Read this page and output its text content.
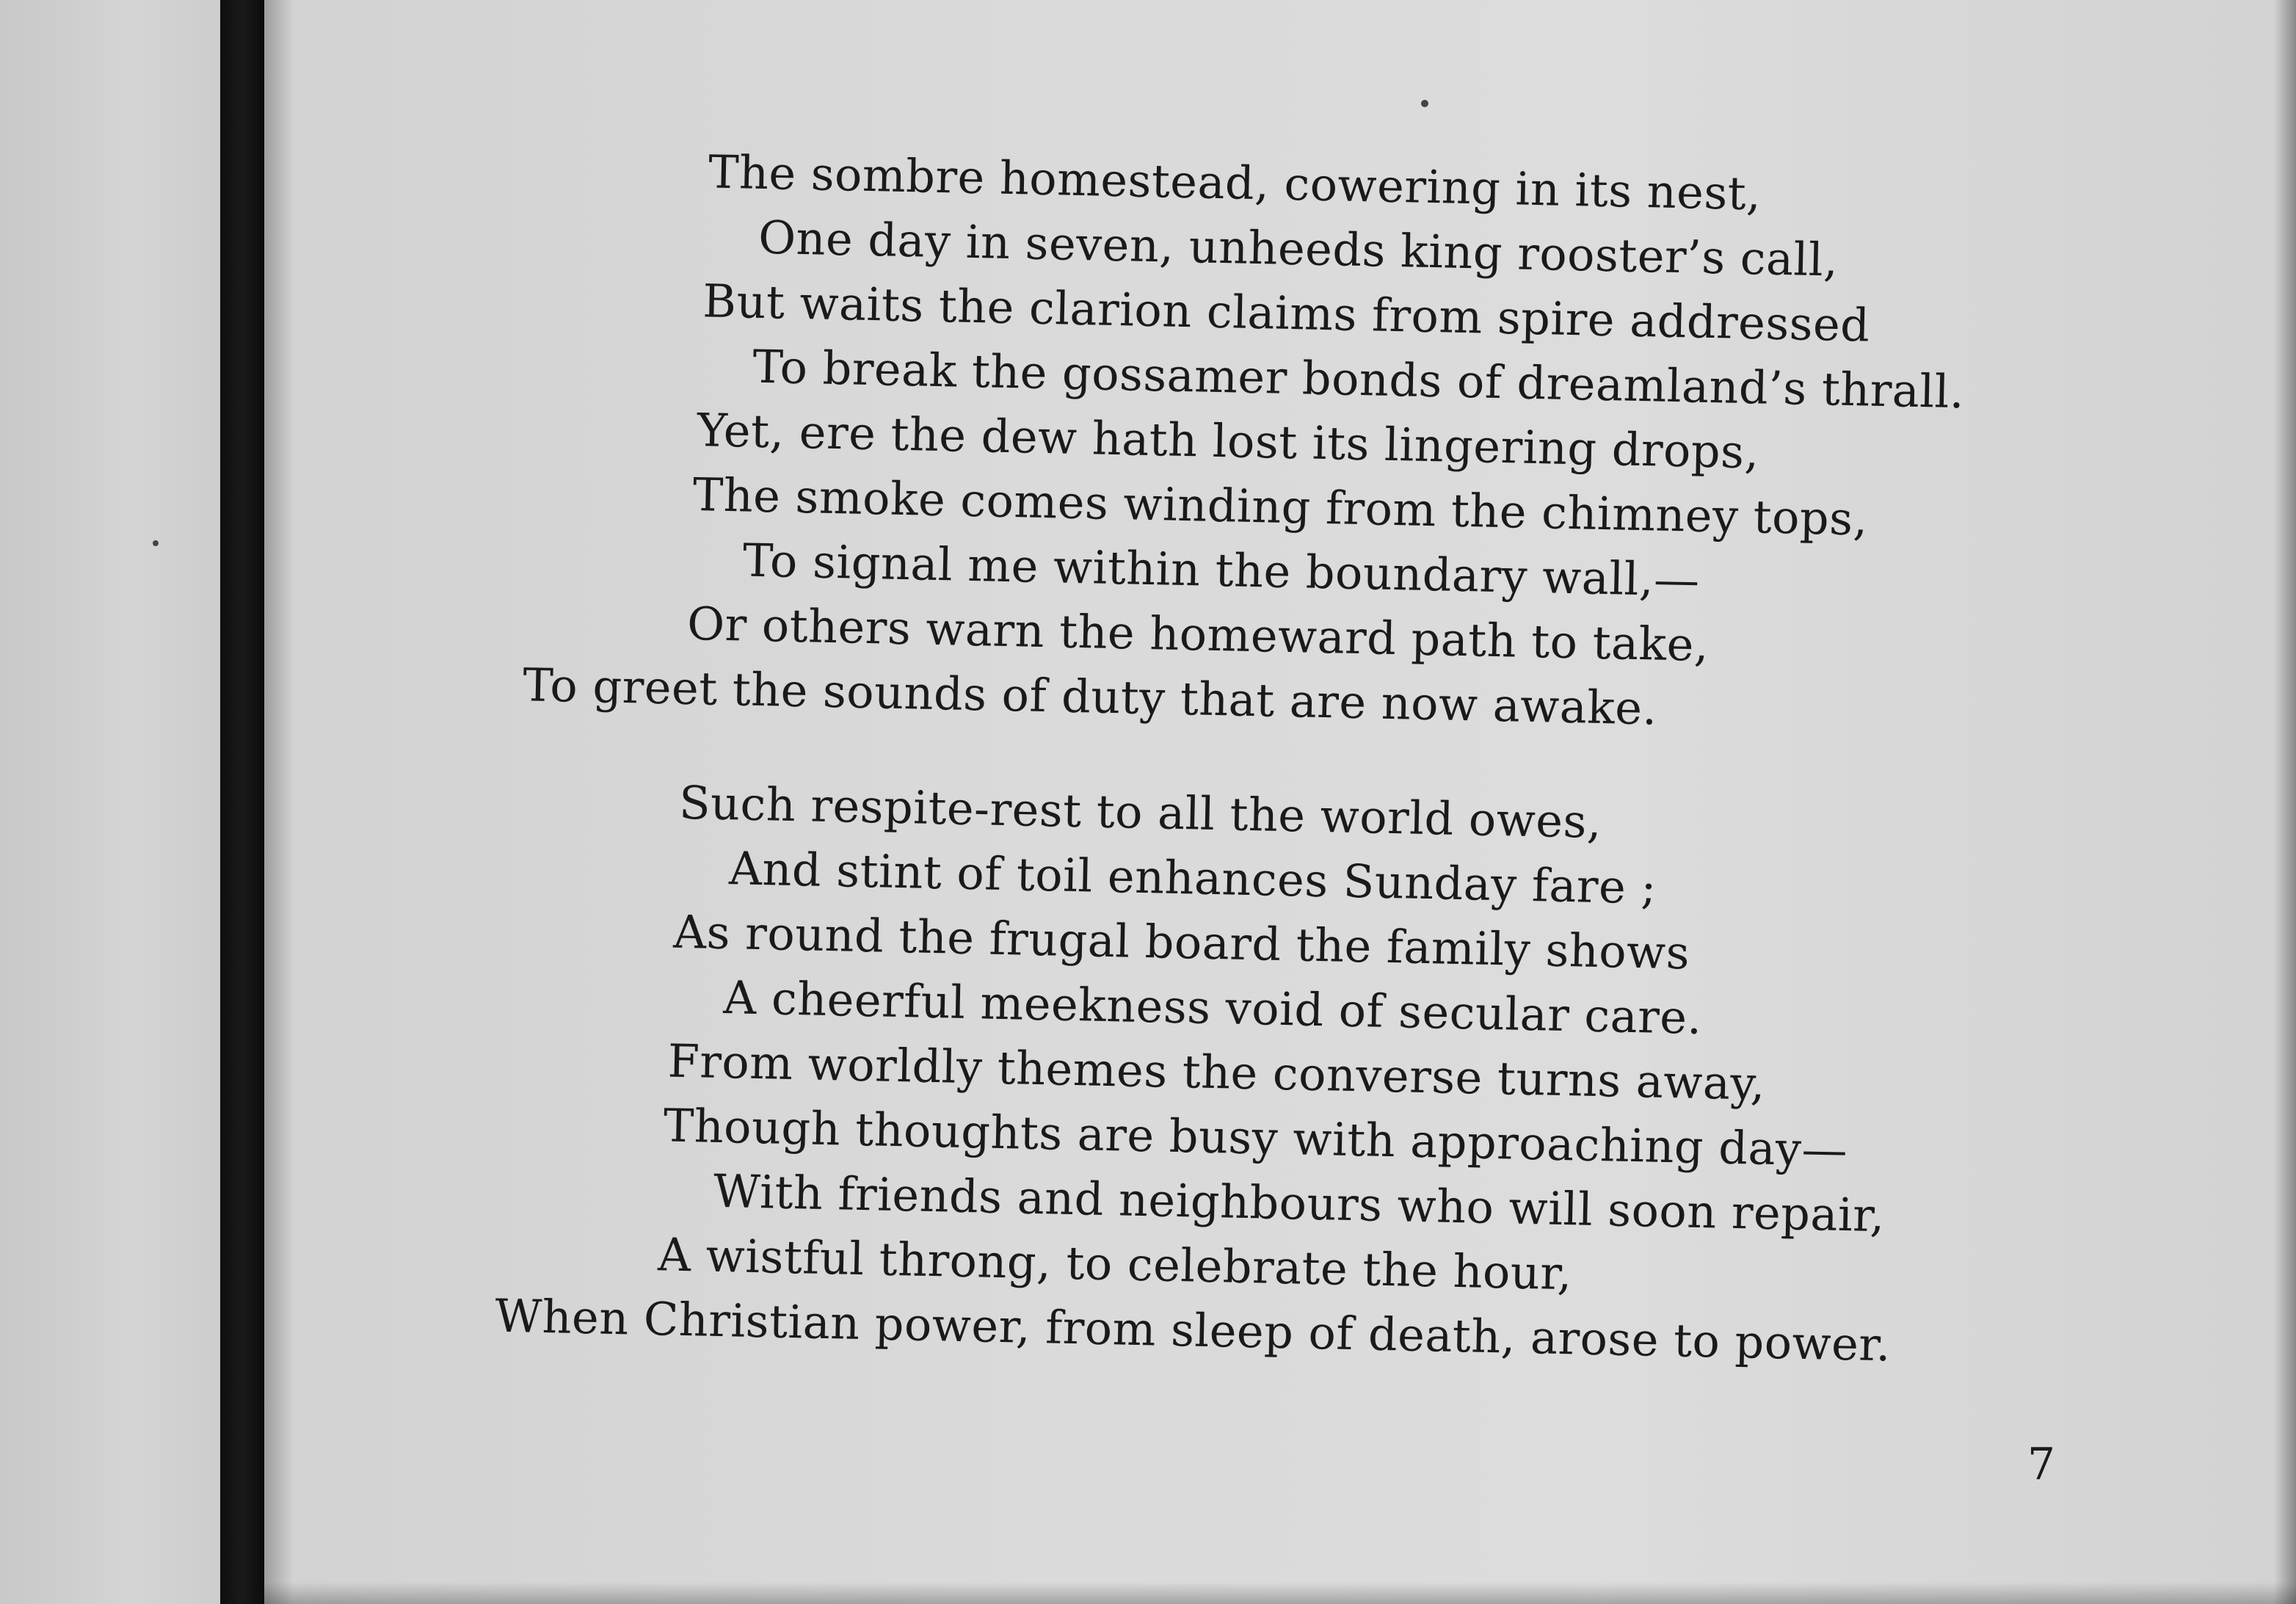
The sombre homestead, cowering in its nest,
One day in seven, unheeds king rooster’s call,
But waits the clarion claims from spire addressed
To break the gossamer bonds of dreamland’s thrall.
Yet, ere the dew hath lost its lingering drops,
The smoke comes winding from the chimney tops,
To signal me within the boundary wall,—
Or others warn the homeward path to take,
To greet the sounds of duty that are now awake.
Such respite-rest to all the world owes,
And stint of toil enhances Sunday fare ;
As round the frugal board the family shows
A cheerful meekness void of secular care.
From worldly themes the converse turns away,
Though thoughts are busy with approaching day—
With friends and neighbours who will soon repair,
A wistful throng, to celebrate the hour,
When Christian power, from sleep of death, arose to power.
7
